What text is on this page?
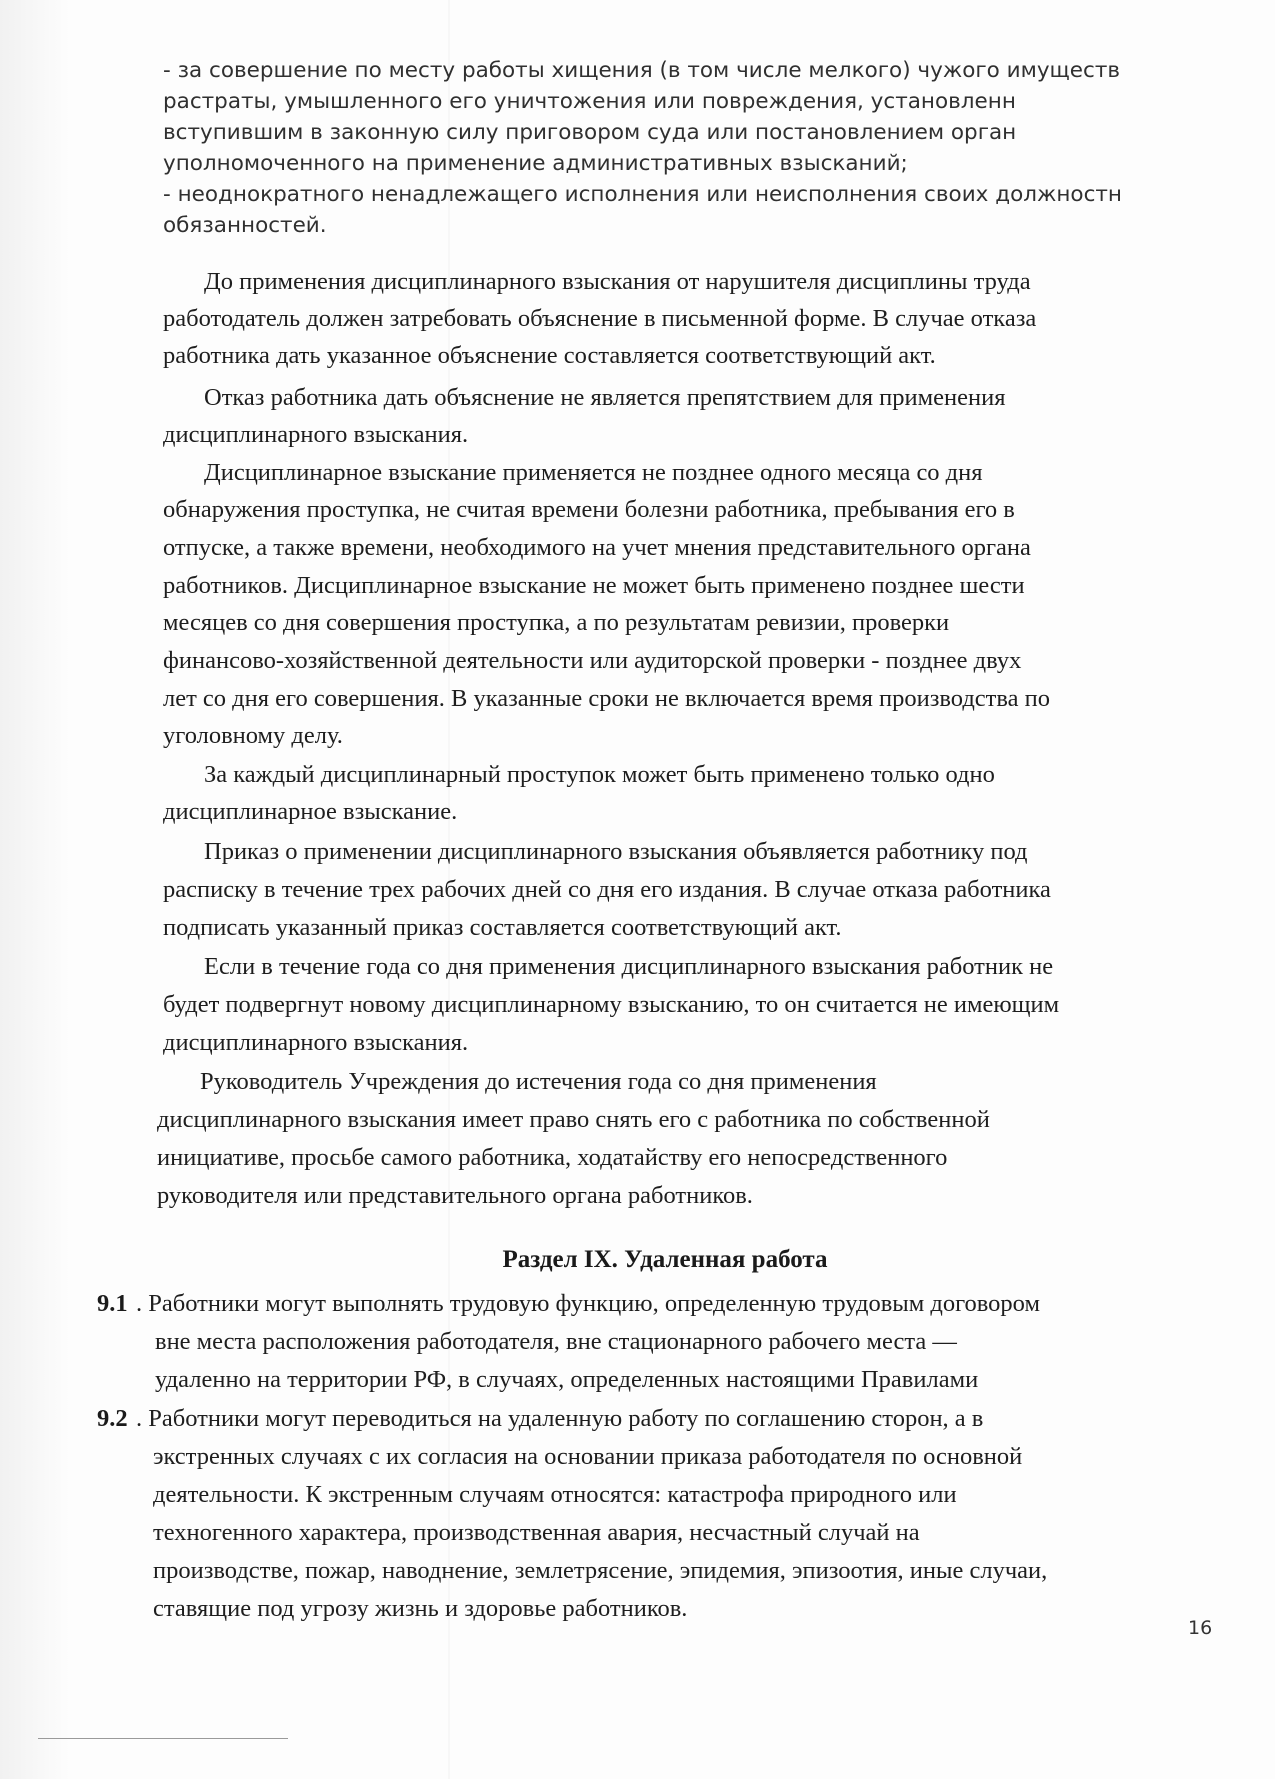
- за совершение по месту работы хищения (в том числе мелкого) чужого имуществ
растраты, умышленного его уничтожения или повреждения, установленн
вступившим в законную силу приговором суда или постановлением орган
уполномоченного на применение административных взысканий;
- неоднократного ненадлежащего исполнения или неисполнения своих должностн
обязанностей.
До применения дисциплинарного взыскания от нарушителя дисциплины труда
работодатель должен затребовать объяснение в письменной форме. В случае отказа
работника дать указанное объяснение составляется соответствующий акт.
Отказ работника дать объяснение не является препятствием для применения
дисциплинарного взыскания.
Дисциплинарное взыскание применяется не позднее одного месяца со дня
обнаружения проступка, не считая времени болезни работника, пребывания его в
отпуске, а также времени, необходимого на учет мнения представительного органа
работников. Дисциплинарное взыскание не может быть применено позднее шести
месяцев со дня совершения проступка, а по результатам ревизии, проверки
финансово-хозяйственной деятельности или аудиторской проверки - позднее двух
лет со дня его совершения. В указанные сроки не включается время производства по
уголовному делу.
За каждый дисциплинарный проступок может быть применено только одно
дисциплинарное взыскание.
Приказ о применении дисциплинарного взыскания объявляется работнику под
расписку в течение трех рабочих дней со дня его издания. В случае отказа работника
подписать указанный приказ составляется соответствующий акт.
Если в течение года со дня применения дисциплинарного взыскания работник не
будет подвергнут новому дисциплинарному взысканию, то он считается не имеющим
дисциплинарного взыскания.
Руководитель Учреждения до истечения года со дня применения
дисциплинарного взыскания имеет право снять его с работника по собственной
инициативе, просьбе самого работника, ходатайству его непосредственного
руководителя или представительного органа работников.
Раздел IX. Удаленная работа
9.1 . Работники могут выполнять трудовую функцию, определенную трудовым договором
вне места расположения работодателя, вне стационарного рабочего места —
удаленно на территории РФ, в случаях, определенных настоящими Правилами
9.2 . Работники могут переводиться на удаленную работу по соглашению сторон, а в
экстренных случаях с их согласия на основании приказа работодателя по основной
деятельности. К экстренным случаям относятся: катастрофа природного или
техногенного характера, производственная авария, несчастный случай на
производстве, пожар, наводнение, землетрясение, эпидемия, эпизоотия, иные случаи,
ставящие под угрозу жизнь и здоровье работников.
16
